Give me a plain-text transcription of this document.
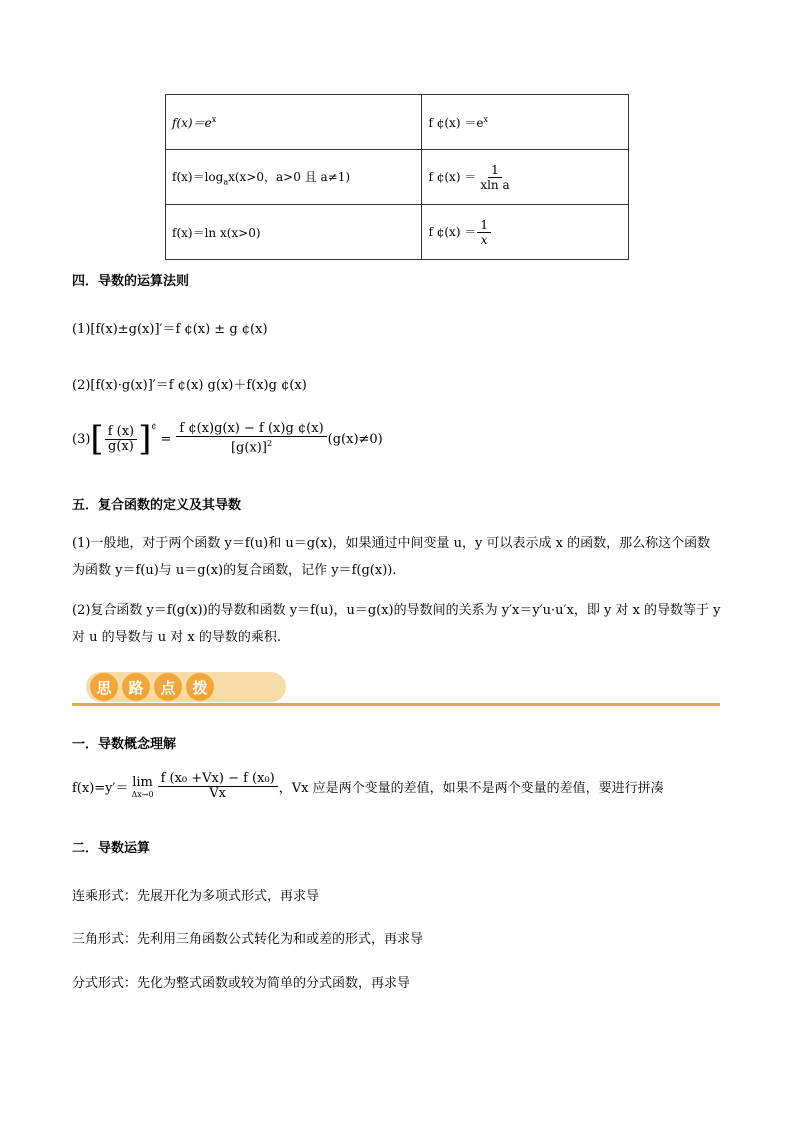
$f(x)=e^x$	f ¢(x) $=e^x$
$f(x)=\log_ax(x>0$，a>0 且 a≠1)	f ¢(x) ＝ $\frac{1}{\text{xln a}}$

f(x)＝ln x(x>0)	f ¢(x) ＝ $\frac{1}{x}$
四．导数的运算法则
(1)[f(x)±g(x)]′＝f ¢(x) ± g ¢(x)
(2)[f(x)·g(x)]′＝f ¢(x) g(x)＋f(x)g ¢(x)
(3) [ $\frac{f (x)}{g(x)} ]^¢$
= $\frac{f ¢(x)g(x) - f (x)g ¢(x)}{[g(x)]^2} (g(x)\ne 0)$
五．复合函数的定义及其导数
(1)一般地，对于两个函数 y＝f(u)和 u＝g(x)，如果通过中间变量 u，y 可以表示成 x 的函数，那么称这个函数为函数 y＝f(u)与 u＝g(x)的复合函数，记作 y＝f(g(x)).
(2)复合函数 y＝f(g(x))的导数和函数 y＝f(u)，u＝g(x)的导数间的关系为 y′x＝y′u·u′x，即 y 对 x 的导数等于 y 对 u 的导数与 u 对 x 的导数的乘积.
思	路	点	拨
一．导数概念理解
f(x)=y′＝ lim
$\Delta x\to 0 \frac{\text{f (x₀ +Vx) − f (x₀)}}{Vx}$ ，Vx 应是两个变量的差值，如果不是两个变量的差值，要进行拼凑
二．导数运算
连乘形式：先展开化为多项式形式，再求导
三角形式：先利用三角函数公式转化为和或差的形式，再求导
分式形式：先化为整式函数或较为简单的分式函数，再求导
